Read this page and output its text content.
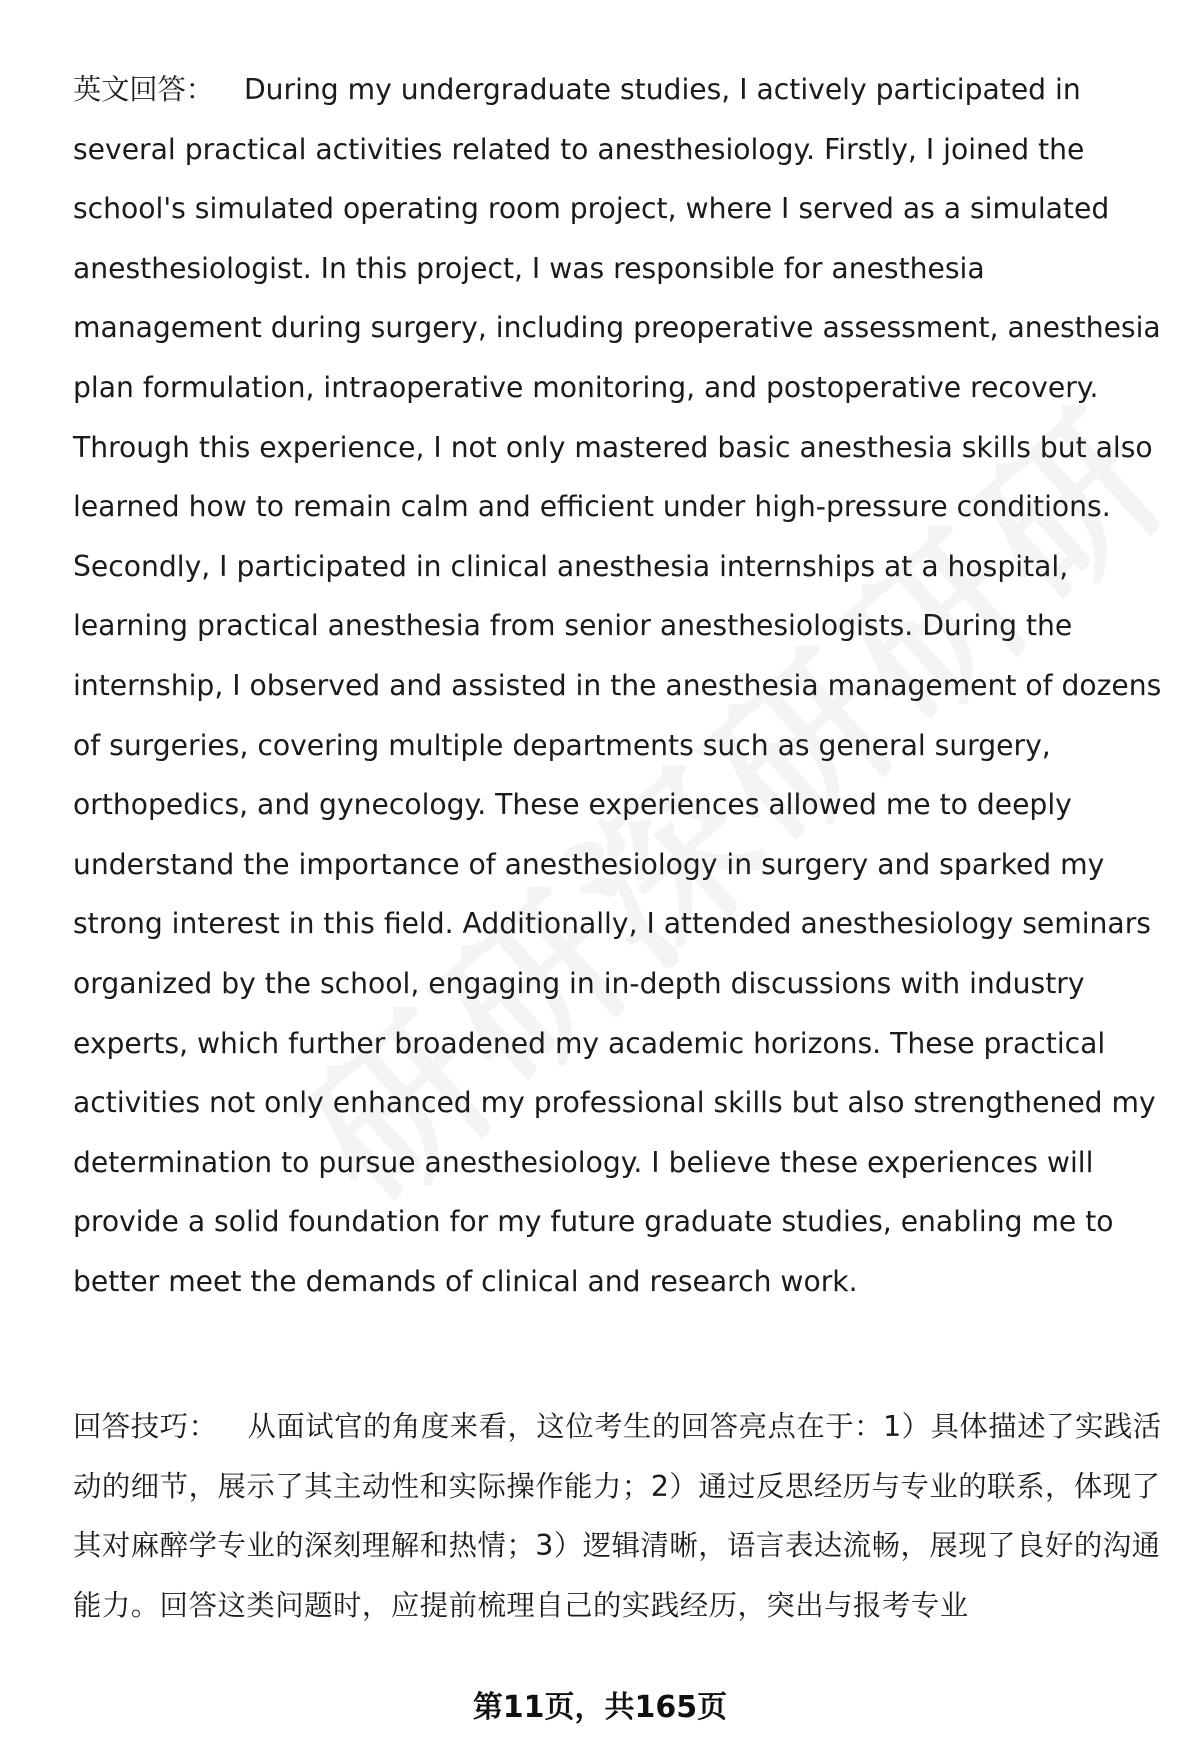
英文回答： During my undergraduate studies, I actively participated in several practical activities related to anesthesiology. Firstly, I joined the school's simulated operating room project, where I served as a simulated anesthesiologist. In this project, I was responsible for anesthesia management during surgery, including preoperative assessment, anesthesia plan formulation, intraoperative monitoring, and postoperative recovery. Through this experience, I not only mastered basic anesthesia skills but also learned how to remain calm and efficient under high-pressure conditions. Secondly, I participated in clinical anesthesia internships at a hospital, learning practical anesthesia from senior anesthesiologists. During the internship, I observed and assisted in the anesthesia management of dozens of surgeries, covering multiple departments such as general surgery, orthopedics, and gynecology. These experiences allowed me to deeply understand the importance of anesthesiology in surgery and sparked my strong interest in this field. Additionally, I attended anesthesiology seminars organized by the school, engaging in in-depth discussions with industry experts, which further broadened my academic horizons. These practical activities not only enhanced my professional skills but also strengthened my determination to pursue anesthesiology. I believe these experiences will provide a solid foundation for my future graduate studies, enabling me to better meet the demands of clinical and research work.

回答技巧： 从面试官的角度来看，这位考生的回答亮点在于：1）具体描述了实践活动的细节，展示了其主动性和实际操作能力；2）通过反思经历与专业的联系，体现了其对麻醉学专业的深刻理解和热情；3）逻辑清晰，语言表达流畅，展现了良好的沟通能力。回答这类问题时，应提前梳理自己的实践经历，突出与报考专业

第11页，共165页
